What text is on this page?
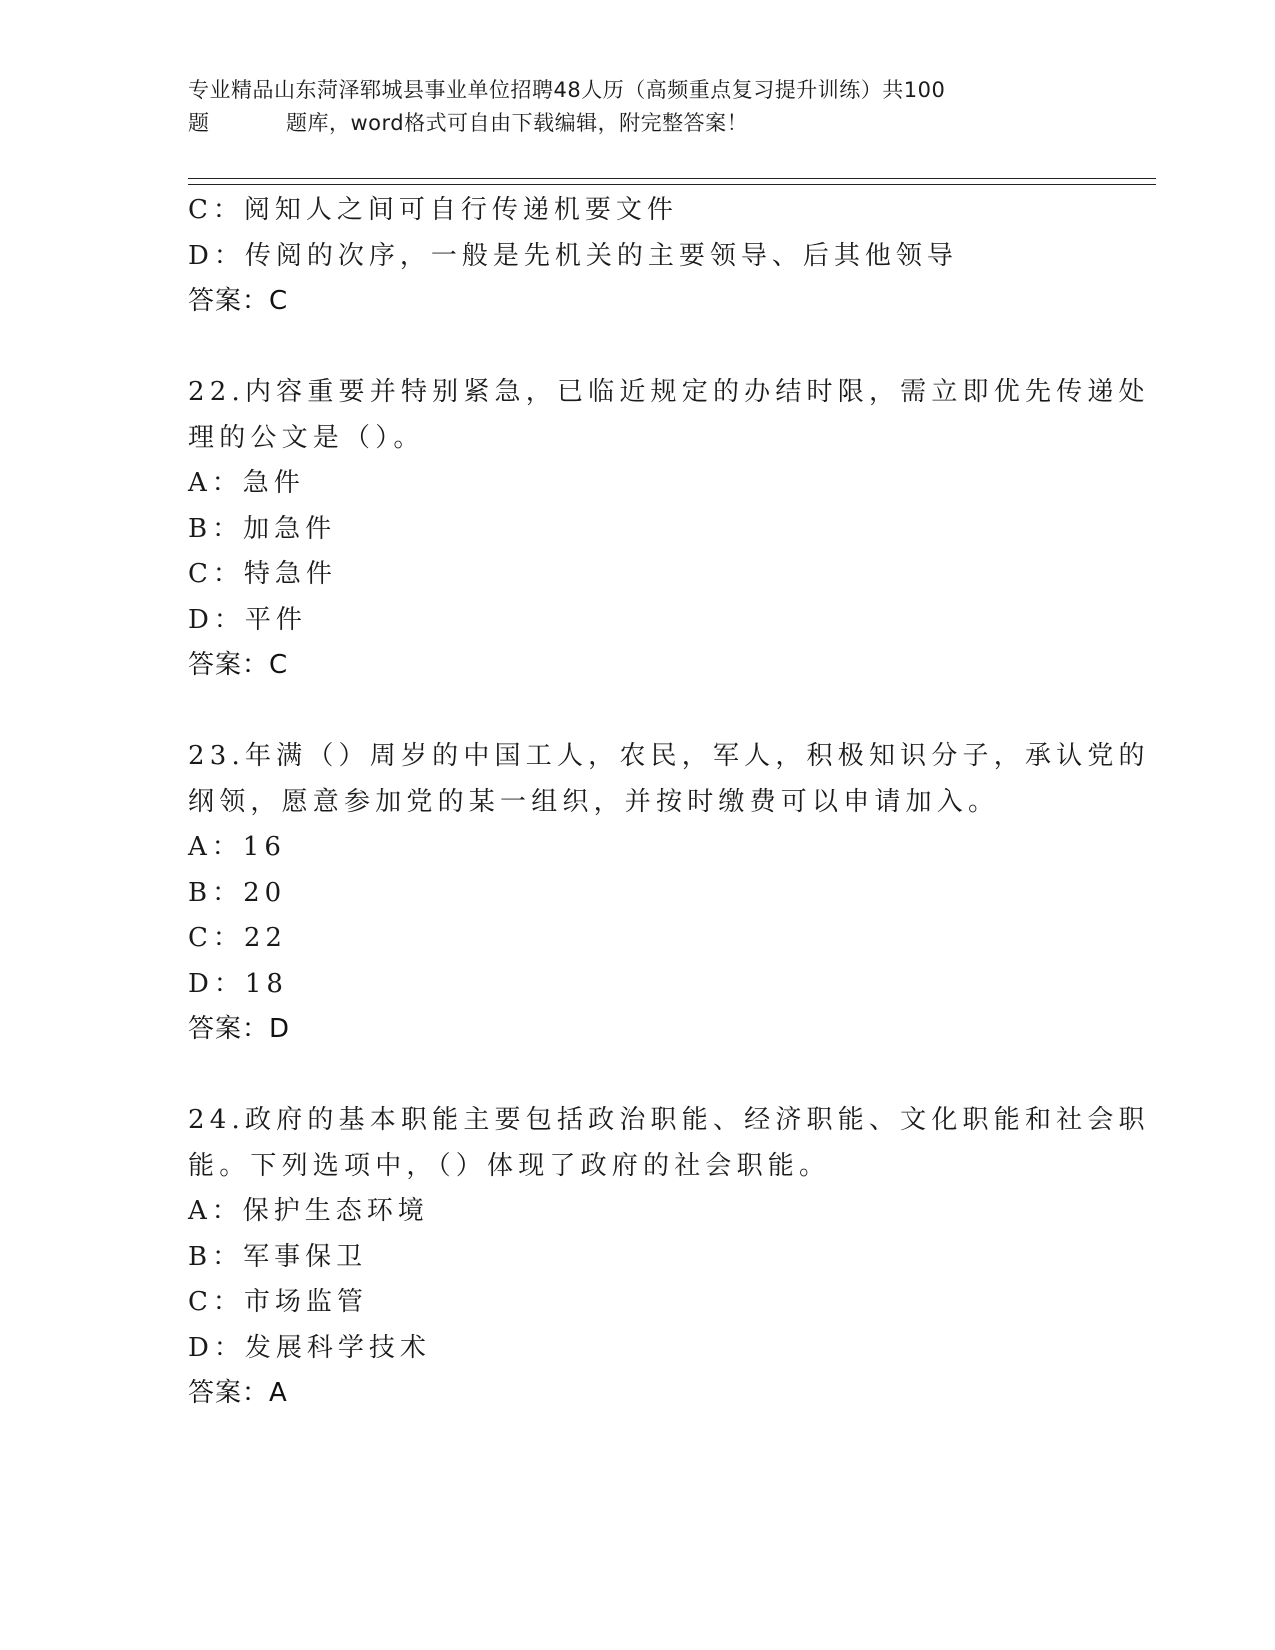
专业精品山东菏泽郓城县事业单位招聘48人历（高频重点复习提升训练）共100
题	题库，word格式可自由下载编辑，附完整答案！
C：阅知人之间可自行传递机要文件
D：传阅的次序，一般是先机关的主要领导、后其他领导
答案：C
22.内容重要并特别紧急，已临近规定的办结时限，需立即优先传递处
理的公文是（）。
A：急件
B：加急件
C：特急件
D：平件
答案：C
23.年满（）周岁的中国工人，农民，军人，积极知识分子，承认党的
纲领，愿意参加党的某一组织，并按时缴费可以申请加入。
A：16
B：20
C：22
D：18
答案：D
24.政府的基本职能主要包括政治职能、经济职能、文化职能和社会职
能。下列选项中，（）体现了政府的社会职能。
A：保护生态环境
B：军事保卫
C：市场监管
D：发展科学技术
答案：A
